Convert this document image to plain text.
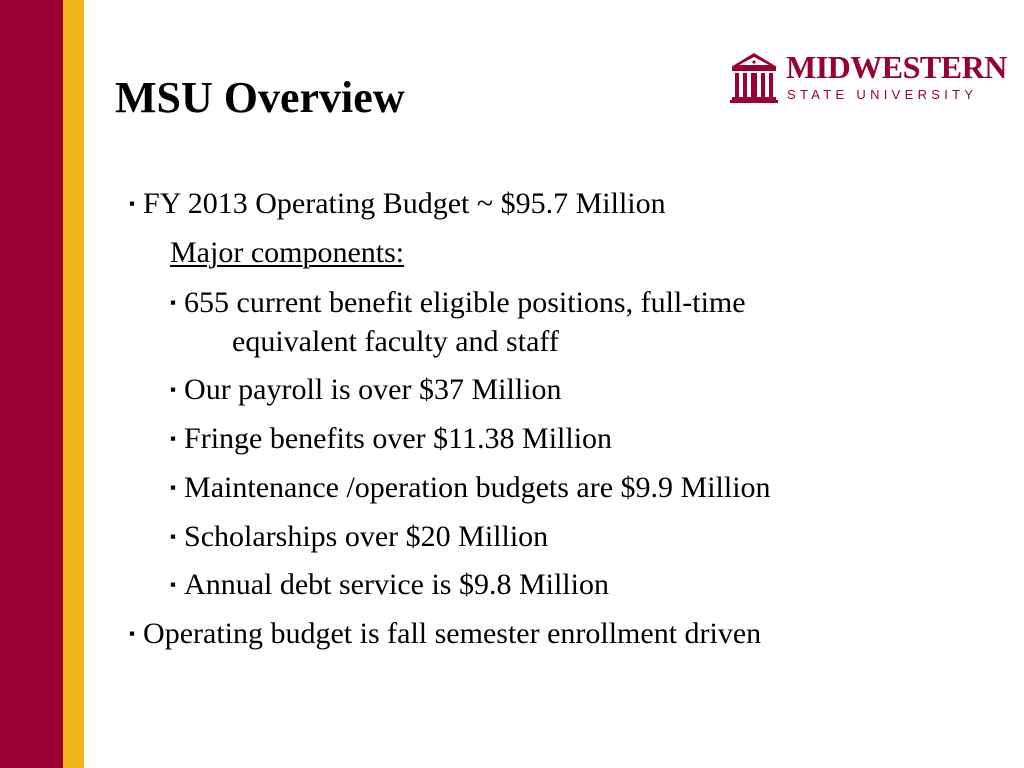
MSU Overview
MIDWESTERN
STATE UNIVERSITY
▪ FY 2013 Operating Budget ~ $95.7 Million
Major components:
▪ 655 current benefit eligible positions, full-time
equivalent faculty and staff
▪ Our payroll is over $37 Million
▪ Fringe benefits over $11.38 Million
▪ Maintenance /operation budgets are $9.9 Million
▪ Scholarships over $20 Million
▪ Annual debt service is $9.8 Million
▪ Operating budget is fall semester enrollment driven
